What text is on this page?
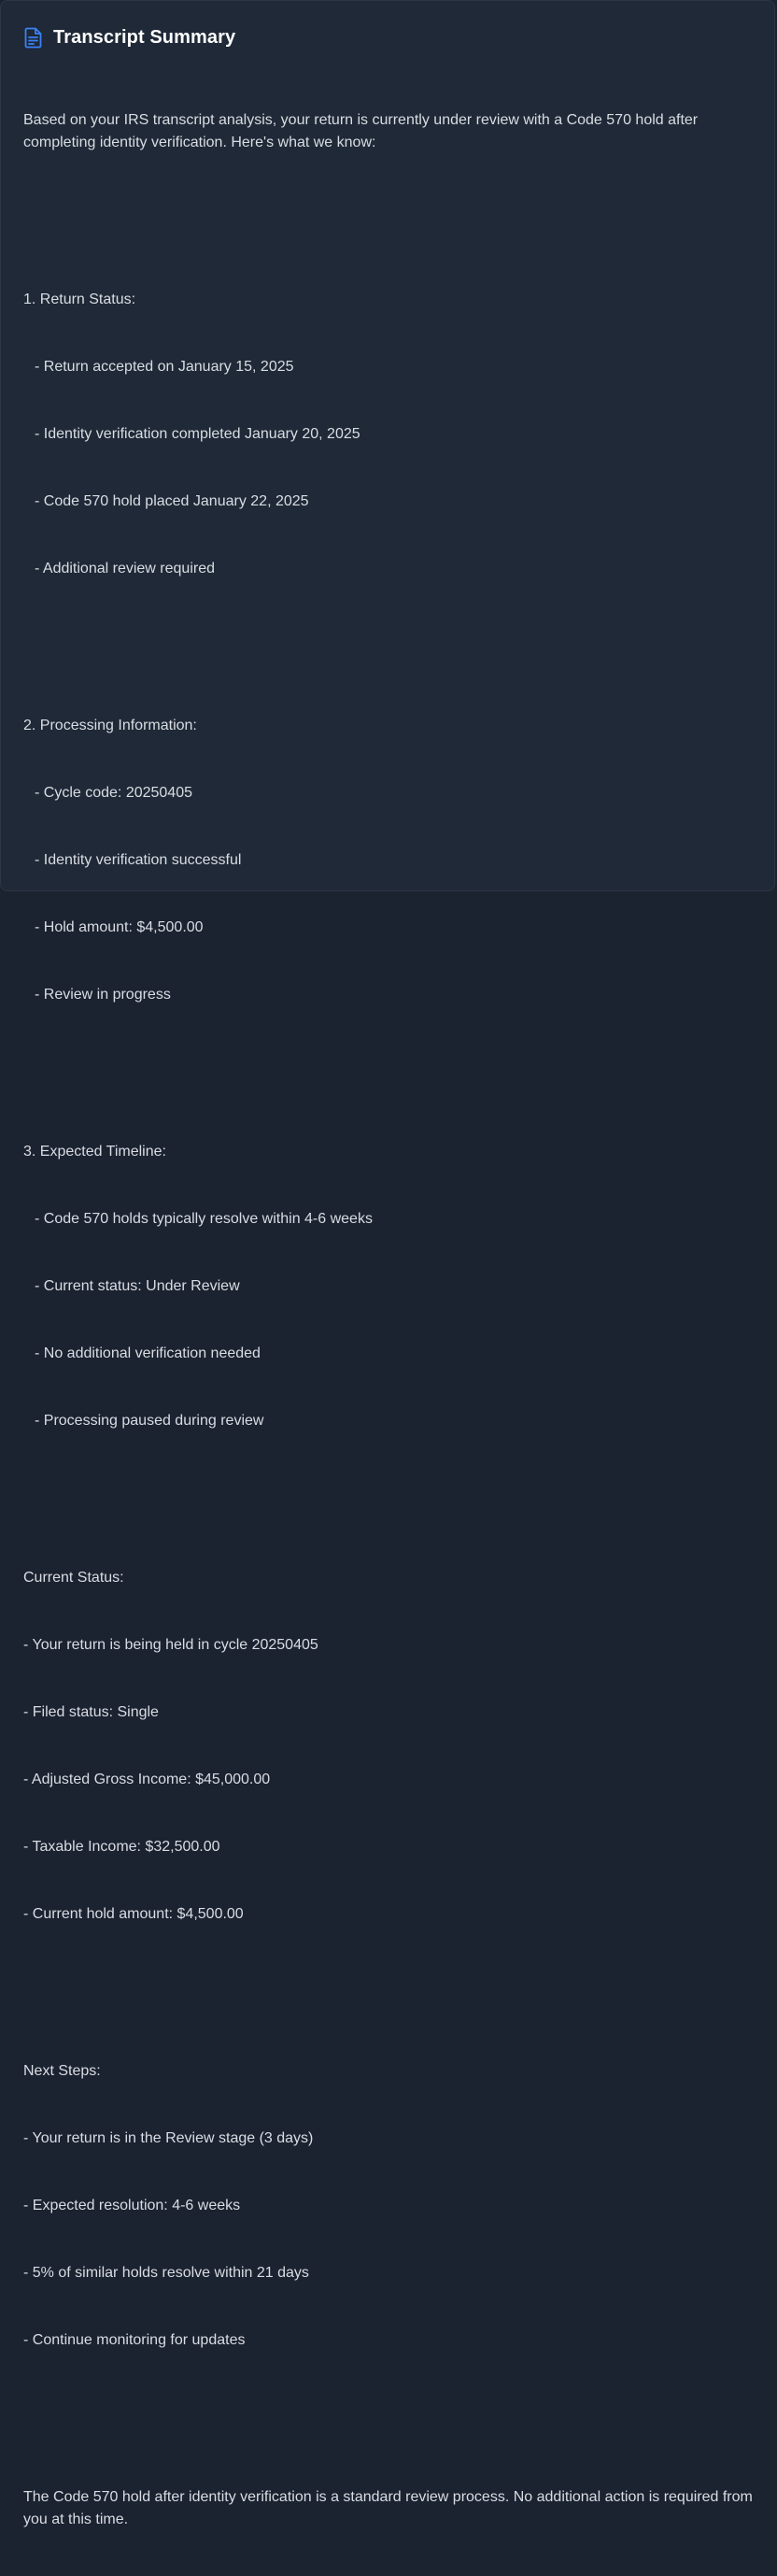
Transcript Summary

Based on your IRS transcript analysis, your return is currently under review with a Code 570 hold after completing identity verification. Here's what we know:

1. Return Status:

- Return accepted on January 15, 2025

- Identity verification completed January 20, 2025

- Code 570 hold placed January 22, 2025

- Additional review required

2. Processing Information:

- Cycle code: 20250405

- Identity verification successful

- Hold amount: $4,500.00

- Review in progress

3. Expected Timeline:

- Code 570 holds typically resolve within 4-6 weeks

- Current status: Under Review

- No additional verification needed

- Processing paused during review

Current Status:

- Your return is being held in cycle 20250405

- Filed status: Single

- Adjusted Gross Income: $45,000.00

- Taxable Income: $32,500.00

- Current hold amount: $4,500.00

Next Steps:

- Your return is in the Review stage (3 days)

- Expected resolution: 4-6 weeks

- 5% of similar holds resolve within 21 days

- Continue monitoring for updates

The Code 570 hold after identity verification is a standard review process. No additional action is required from you at this time.
